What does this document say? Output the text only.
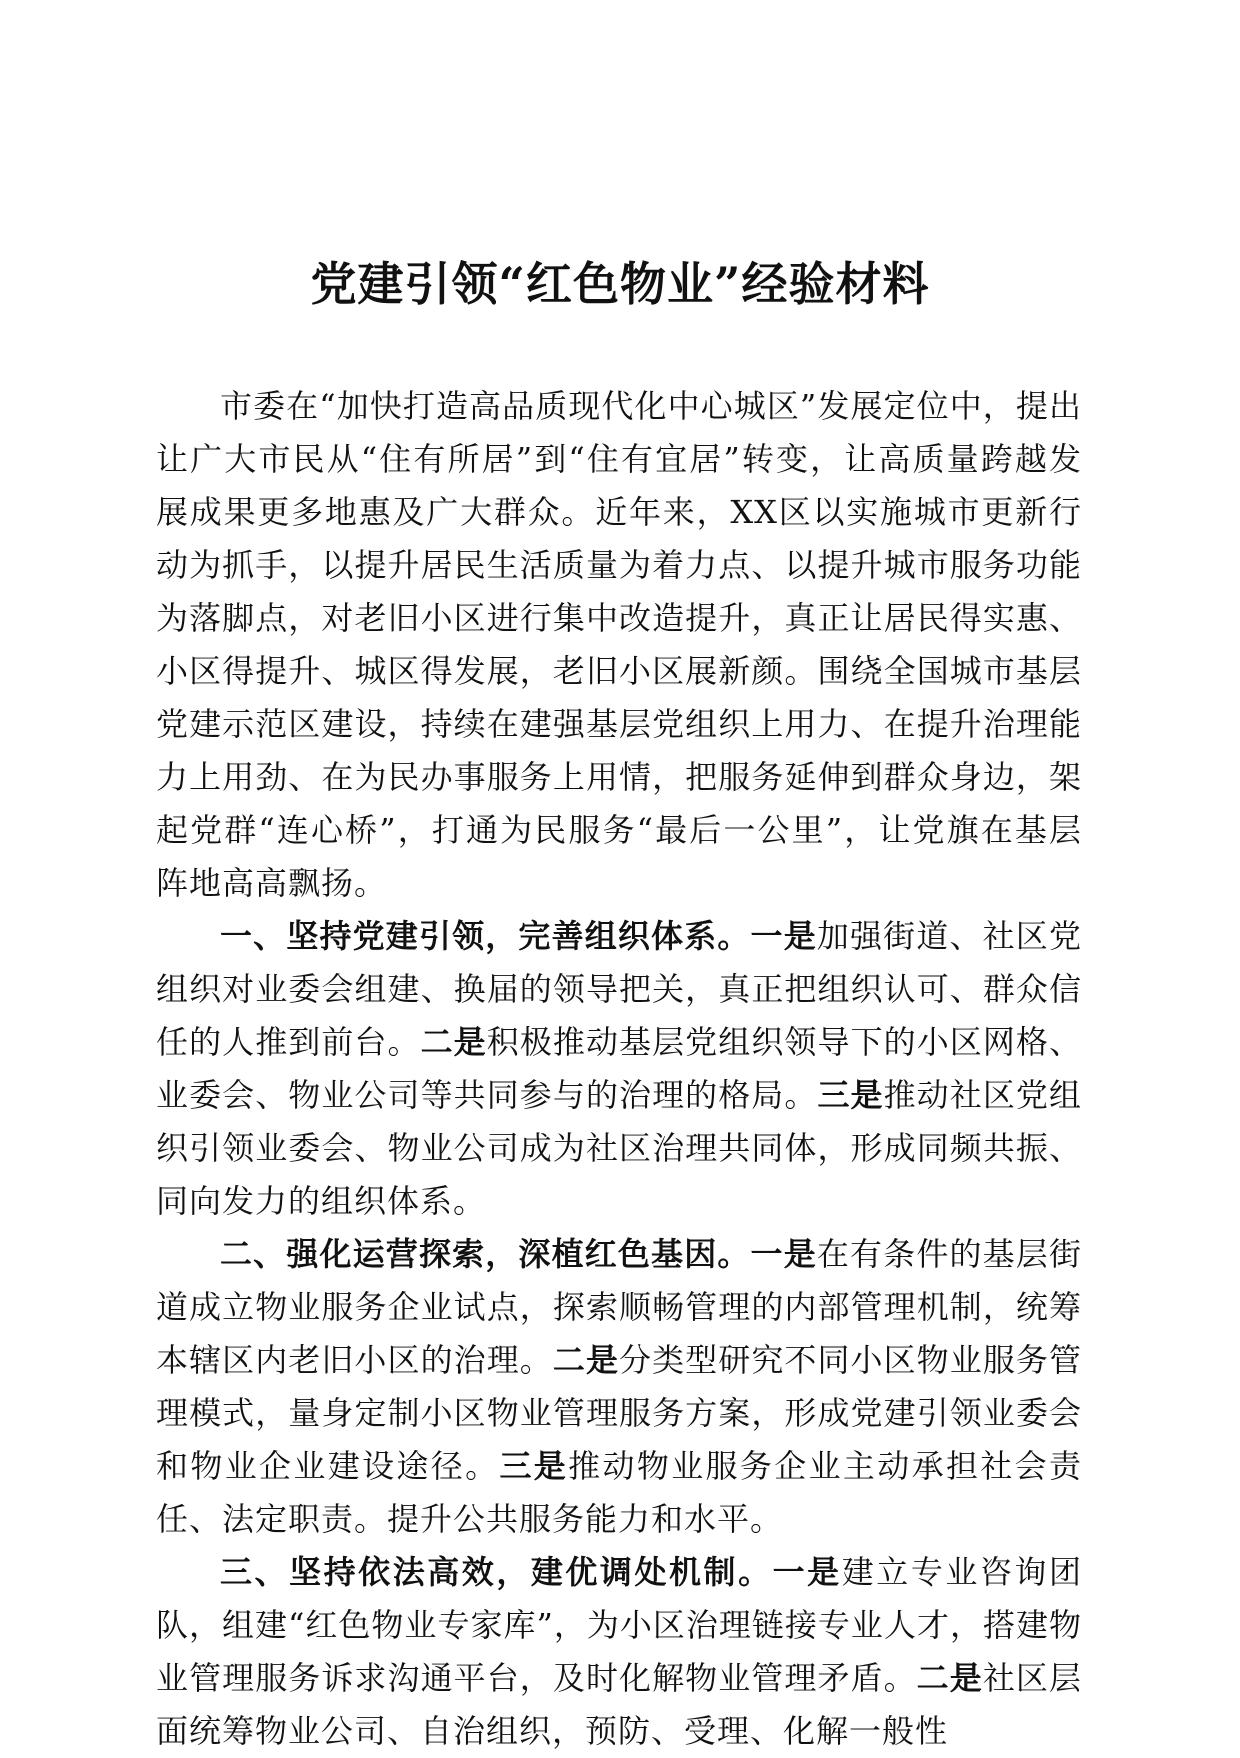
党建引领“红色物业”经验材料

市委在“加快打造高品质现代化中心城区”发展定位中，提出让广大市民从“住有所居”到“住有宜居”转变，让高质量跨越发展成果更多地惠及广大群众。近年来，XX区以实施城市更新行动为抓手，以提升居民生活质量为着力点、以提升城市服务功能为落脚点，对老旧小区进行集中改造提升，真正让居民得实惠、小区得提升、城区得发展，老旧小区展新颜。围绕全国城市基层党建示范区建设，持续在建强基层党组织上用力、在提升治理能力上用劲、在为民办事服务上用情，把服务延伸到群众身边，架起党群“连心桥”，打通为民服务“最后一公里”，让党旗在基层阵地高高飘扬。

一、坚持党建引领，完善组织体系。一是加强街道、社区党组织对业委会组建、换届的领导把关，真正把组织认可、群众信任的人推到前台。二是积极推动基层党组织领导下的小区网格、业委会、物业公司等共同参与的治理的格局。三是推动社区党组织引领业委会、物业公司成为社区治理共同体，形成同频共振、同向发力的组织体系。

二、强化运营探索，深植红色基因。一是在有条件的基层街道成立物业服务企业试点，探索顺畅管理的内部管理机制，统筹本辖区内老旧小区的治理。二是分类型研究不同小区物业服务管理模式，量身定制小区物业管理服务方案，形成党建引领业委会和物业企业建设途径。三是推动物业服务企业主动承担社会责任、法定职责。提升公共服务能力和水平。

三、坚持依法高效，建优调处机制。一是建立专业咨询团队，组建“红色物业专家库”，为小区治理链接专业人才，搭建物业管理服务诉求沟通平台，及时化解物业管理矛盾。二是社区层面统筹物业公司、自治组织，预防、受理、化解一般性
